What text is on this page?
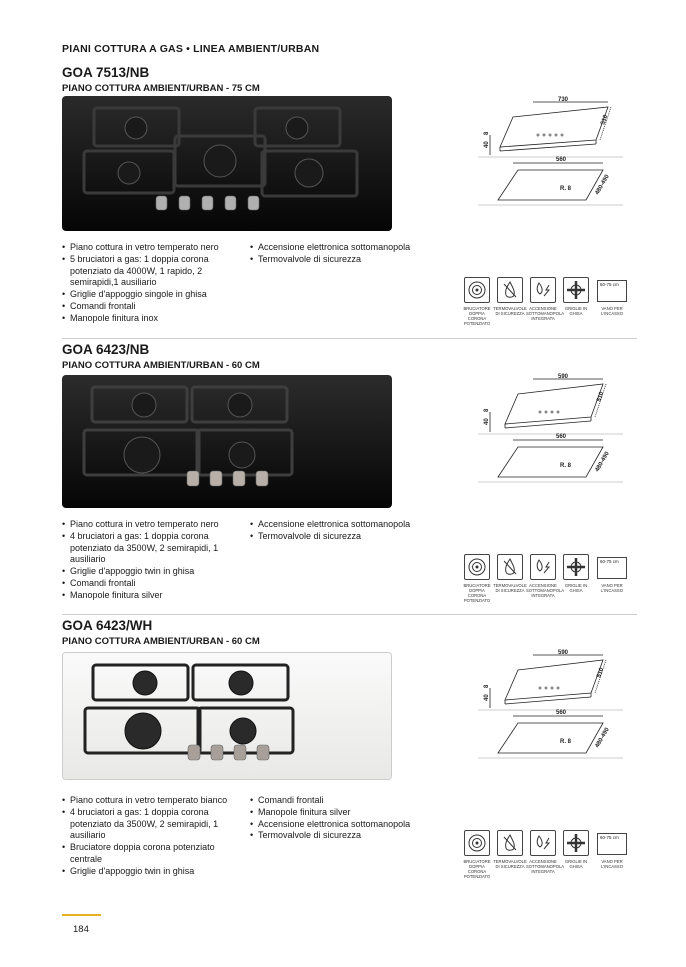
PIANI COTTURA A GAS • LINEA AMBIENT/URBAN
GOA 7513/NB
PIANO COTTURA AMBIENT/URBAN - 75 CM
• Piano cottura in vetro temperato nero
• 5 bruciatori a gas: 1 doppia corona potenziato da 4000W, 1 rapido, 2 semirapidi,1 ausiliario
• Griglie d'appoggio singole in ghisa
• Comandi frontali
• Manopole finitura inox
• Accensione elettronica sottomanopola
• Termovalvole di sicurezza
730
510
40
8
560
R. 8	480-490
BRUCIATORE DOPPIA CORONA POTENZIATO
TERMOVALVOLE DI SICUREZZA
ACCENSIONE SOTTOMANOPOLA INTEGRATA
GRIGLIE IN GHISA
60-75 cm
VANO PER L'INCASSO
GOA 6423/NB
PIANO COTTURA AMBIENT/URBAN - 60 CM
• Piano cottura in vetro temperato nero
• 4 bruciatori a gas: 1 doppia corona potenziato da 3500W, 2 semirapidi, 1 ausiliario
• Griglie d'appoggio twin in ghisa
• Comandi frontali
• Manopole finitura silver
• Accensione elettronica sottomanopola
• Termovalvole di sicurezza
590
510
40
8
560
R. 8	480-490
BRUCIATORE DOPPIA CORONA POTENZIATO
TERMOVALVOLE DI SICUREZZA
ACCENSIONE SOTTOMANOPOLA INTEGRATA
GRIGLIE IN GHISA
60-75 cm
VANO PER L'INCASSO
GOA 6423/WH
PIANO COTTURA AMBIENT/URBAN - 60 CM
• Piano cottura in vetro temperato bianco
• 4 bruciatori a gas: 1 doppia corona potenziato da 3500W, 2 semirapidi, 1 ausiliario
• Bruciatore doppia corona potenziato centrale
• Griglie d'appoggio twin in ghisa
• Comandi frontali
• Manopole finitura silver
• Accensione elettronica sottomanopola
• Termovalvole di sicurezza
590
510
40
8
560
R. 8	480-490
BRUCIATORE DOPPIA CORONA POTENZIATO
TERMOVALVOLE DI SICUREZZA
ACCENSIONE SOTTOMANOPOLA INTEGRATA
GRIGLIE IN GHISA
60-75 cm
VANO PER L'INCASSO
184
